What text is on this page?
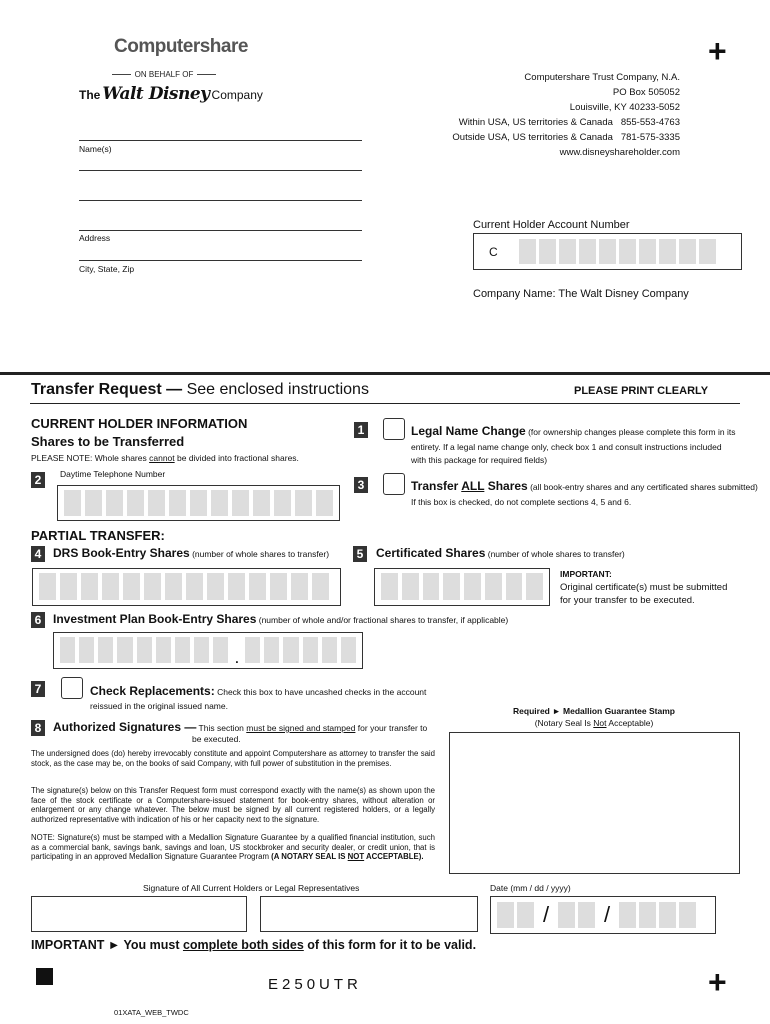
+
+
Computershare
ON BEHALF OF
The Walt Disney Company
Computershare Trust Company, N.A.
PO Box 505052
Louisville, KY 40233-5052
Within USA, US territories & Canada 855-553-4763
Outside USA, US territories & Canada 781-575-3335
www.disneyshareholder.com
Name(s)
Address
City, State, Zip
Current Holder Account Number
C
Company Name: The Walt Disney Company
Transfer Request — See enclosed instructions	PLEASE PRINT CLEARLY
CURRENT HOLDER INFORMATION
Shares to be Transferred
PLEASE NOTE: Whole shares cannot be divided into fractional shares.
1	Legal Name Change (for ownership changes please complete this form in its
entirety. If a legal name change only, check box 1 and consult instructions included
with this package for required fields)
2	Daytime Telephone Number
3	Transfer ALL Shares (all book-entry shares and any certificated shares submitted)
If this box is checked, do not complete sections 4, 5 and 6.
PARTIAL TRANSFER:
4 DRS Book-Entry Shares (number of whole shares to transfer)	5	Certificated Shares (number of whole shares to transfer)
IMPORTANT:
Original certificate(s) must be submitted
for your transfer to be executed.
6 Investment Plan Book-Entry Shares (number of whole and/or fractional shares to transfer, if applicable)
.
7	Check Replacements: Check this box to have uncashed checks in the account
reissued in the original issued name.
8 Authorized Signatures — This section must be signed and stamped for your transfer to
be executed.
Required ► Medallion Guarantee Stamp
(Notary Seal Is Not Acceptable)
The undersigned does (do) hereby irrevocably constitute and appoint Computershare as attorney to transfer the said stock, as the case may be, on the books of said Company, with full power of substitution in the premises.
The signature(s) below on this Transfer Request form must correspond exactly with the name(s) as shown upon the face of the stock certificate or a Computershare-issued statement for book-entry shares, without alteration or enlargement or any change whatever. The below must be signed by all current registered holders, or a legally authorized representative with indication of his or her capacity next to the signature.
NOTE: Signature(s) must be stamped with a Medallion Signature Guarantee by a qualified financial institution, such as a commercial bank, savings bank, savings and loan, US stockbroker and security dealer, or credit union, that is participating in an approved Medallion Signature Guarantee Program (A NOTARY SEAL IS NOT ACCEPTABLE).
Signature of All Current Holders or Legal Representatives	Date (mm / dd / yyyy)
/ /
IMPORTANT ► You must complete both sides of this form for it to be valid.
E250UTR
01XATA_WEB_TWDC
